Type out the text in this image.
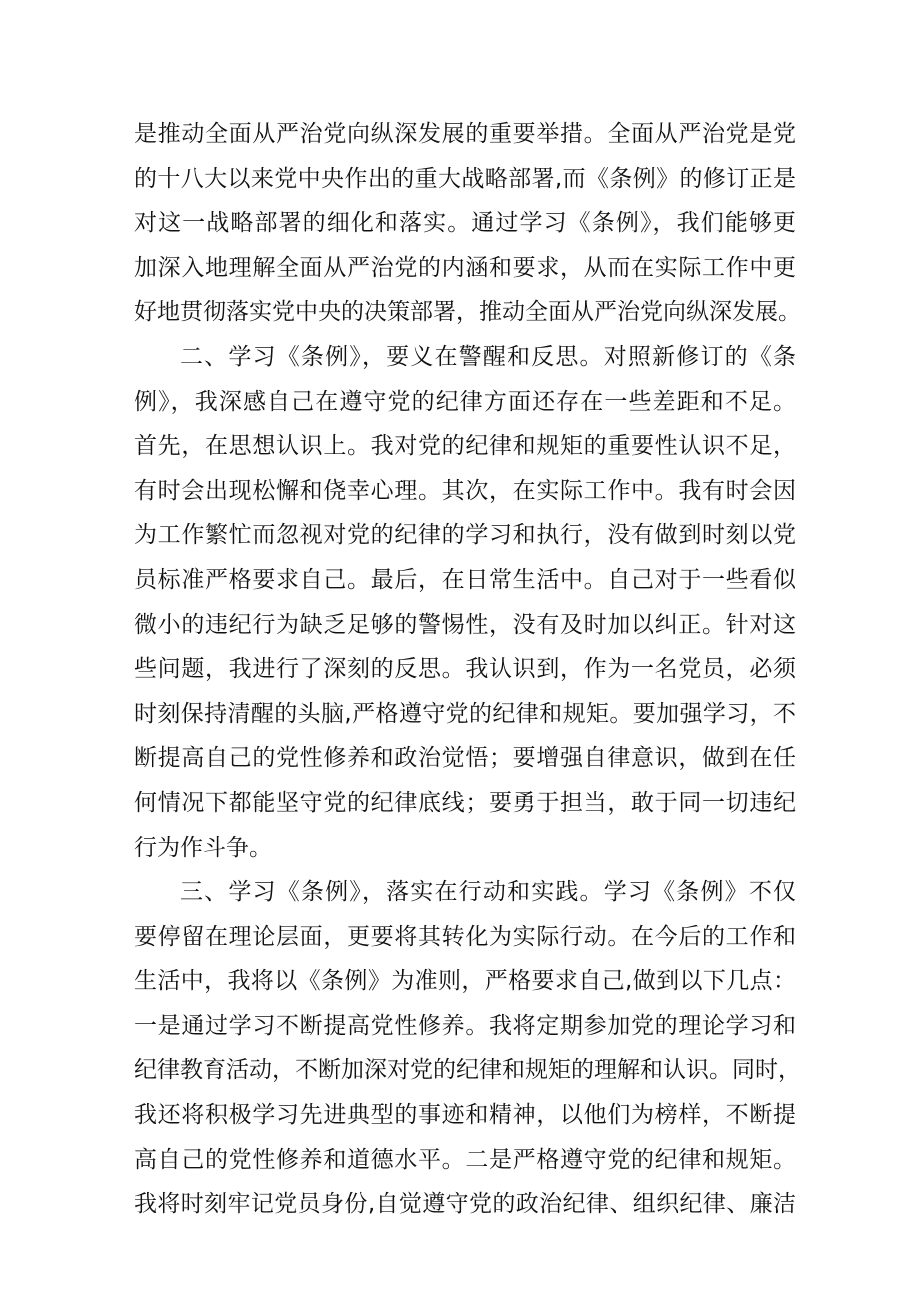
是推动全面从严治党向纵深发展的重要举措。全面从严治党是党
的十八大以来党中央作出的重大战略部署,而《条例》的修订正是
对这一战略部署的细化和落实。通过学习《条例》，我们能够更
加深入地理解全面从严治党的内涵和要求，从而在实际工作中更
好地贯彻落实党中央的决策部署，推动全面从严治党向纵深发展。
二、学习《条例》，要义在警醒和反思。对照新修订的《条
例》，我深感自己在遵守党的纪律方面还存在一些差距和不足。
首先，在思想认识上。我对党的纪律和规矩的重要性认识不足，
有时会出现松懈和侥幸心理。其次，在实际工作中。我有时会因
为工作繁忙而忽视对党的纪律的学习和执行，没有做到时刻以党
员标准严格要求自己。最后，在日常生活中。自己对于一些看似
微小的违纪行为缺乏足够的警惕性，没有及时加以纠正。针对这
些问题，我进行了深刻的反思。我认识到，作为一名党员，必须
时刻保持清醒的头脑,严格遵守党的纪律和规矩。要加强学习，不
断提高自己的党性修养和政治觉悟；要增强自律意识，做到在任
何情况下都能坚守党的纪律底线；要勇于担当，敢于同一切违纪
行为作斗争。
三、学习《条例》，落实在行动和实践。学习《条例》不仅
要停留在理论层面，更要将其转化为实际行动。在今后的工作和
生活中，我将以《条例》为准则，严格要求自己,做到以下几点：
一是通过学习不断提高党性修养。我将定期参加党的理论学习和
纪律教育活动，不断加深对党的纪律和规矩的理解和认识。同时，
我还将积极学习先进典型的事迹和精神，以他们为榜样，不断提
高自己的党性修养和道德水平。二是严格遵守党的纪律和规矩。
我将时刻牢记党员身份,自觉遵守党的政治纪律、组织纪律、廉洁
